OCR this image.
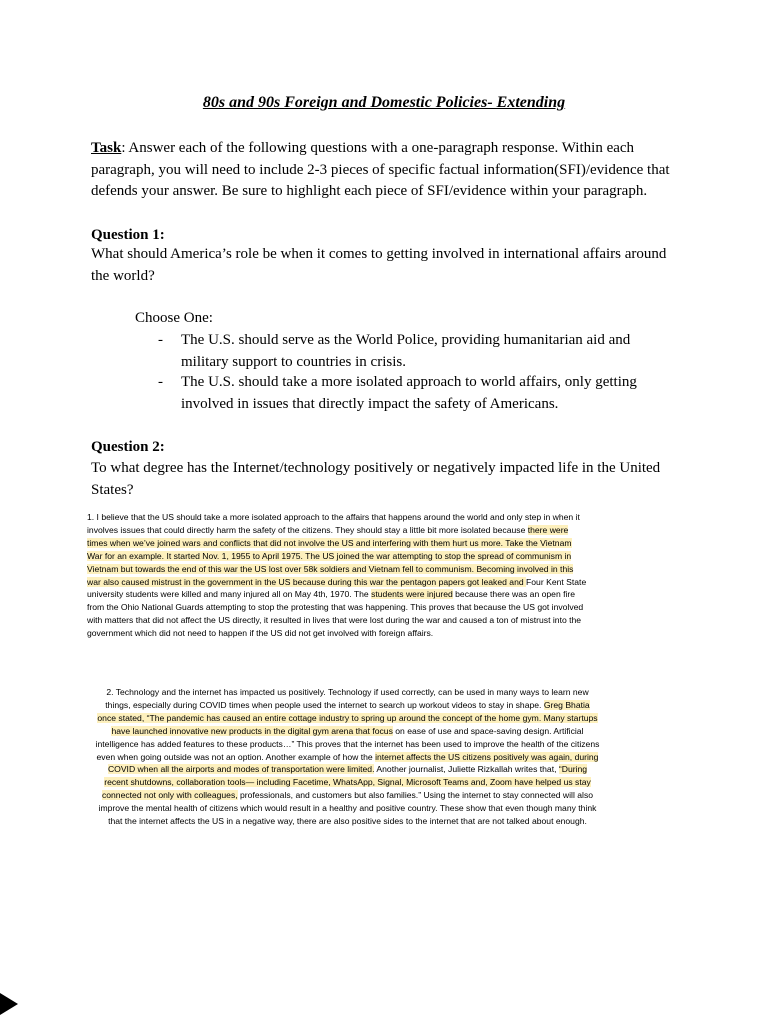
80s and 90s Foreign and Domestic Policies- Extending

Task: Answer each of the following questions with a one-paragraph response. Within each paragraph, you will need to include 2-3 pieces of specific factual information(SFI)/evidence that defends your answer. Be sure to highlight each piece of SFI/evidence within your paragraph.

Question 1:

What should America’s role be when it comes to getting involved in international affairs around the world?

Choose One:
- The U.S. should serve as the World Police, providing humanitarian aid and military support to countries in crisis.
- The U.S. should take a more isolated approach to world affairs, only getting involved in issues that directly impact the safety of Americans.

Question 2:

To what degree has the Internet/technology positively or negatively impacted life in the United States?

1. I believe that the US should take a more isolated approach to the affairs that happens around the world and only step in when it involves issues that could directly harm the safety of the citizens. They should stay a little bit more isolated because there were times when we’ve joined wars and conflicts that did not involve the US and interfering with them hurt us more. Take the Vietnam War for an example. It started Nov. 1, 1955 to April 1975. The US joined the war attempting to stop the spread of communism in Vietnam but towards the end of this war the US lost over 58k soldiers and Vietnam fell to communism. Becoming involved in this war also caused mistrust in the government in the US because during this war the pentagon papers got leaked and Four Kent State university students were killed and many injured all on May 4th, 1970. The students were injured because there was an open fire from the Ohio National Guards attempting to stop the protesting that was happening. This proves that because the US got involved with matters that did not affect the US directly, it resulted in lives that were lost during the war and caused a ton of mistrust into the government which did not need to happen if the US did not get involved with foreign affairs.

2. Technology and the internet has impacted us positively. Technology if used correctly, can be used in many ways to learn new things, especially during COVID times when people used the internet to search up workout videos to stay in shape. Greg Bhatia once stated, “The pandemic has caused an entire cottage industry to spring up around the concept of the home gym. Many startups have launched innovative new products in the digital gym arena that focus on ease of use and space-saving design. Artificial intelligence has added features to these products…” This proves that the internet has been used to improve the health of the citizens even when going outside was not an option. Another example of how the internet affects the US citizens positively was again, during COVID when all the airports and modes of transportation were limited. Another journalist, Juliette Rizkallah writes that, “During recent shutdowns, collaboration tools— including Facetime, WhatsApp, Signal, Microsoft Teams and, Zoom have helped us stay connected not only with colleagues, professionals, and customers but also families.” Using the internet to stay connected will also improve the mental health of citizens which would result in a healthy and positive country. These show that even though many think that the internet affects the US in a negative way, there are also positive sides to the internet that are not talked about enough.
